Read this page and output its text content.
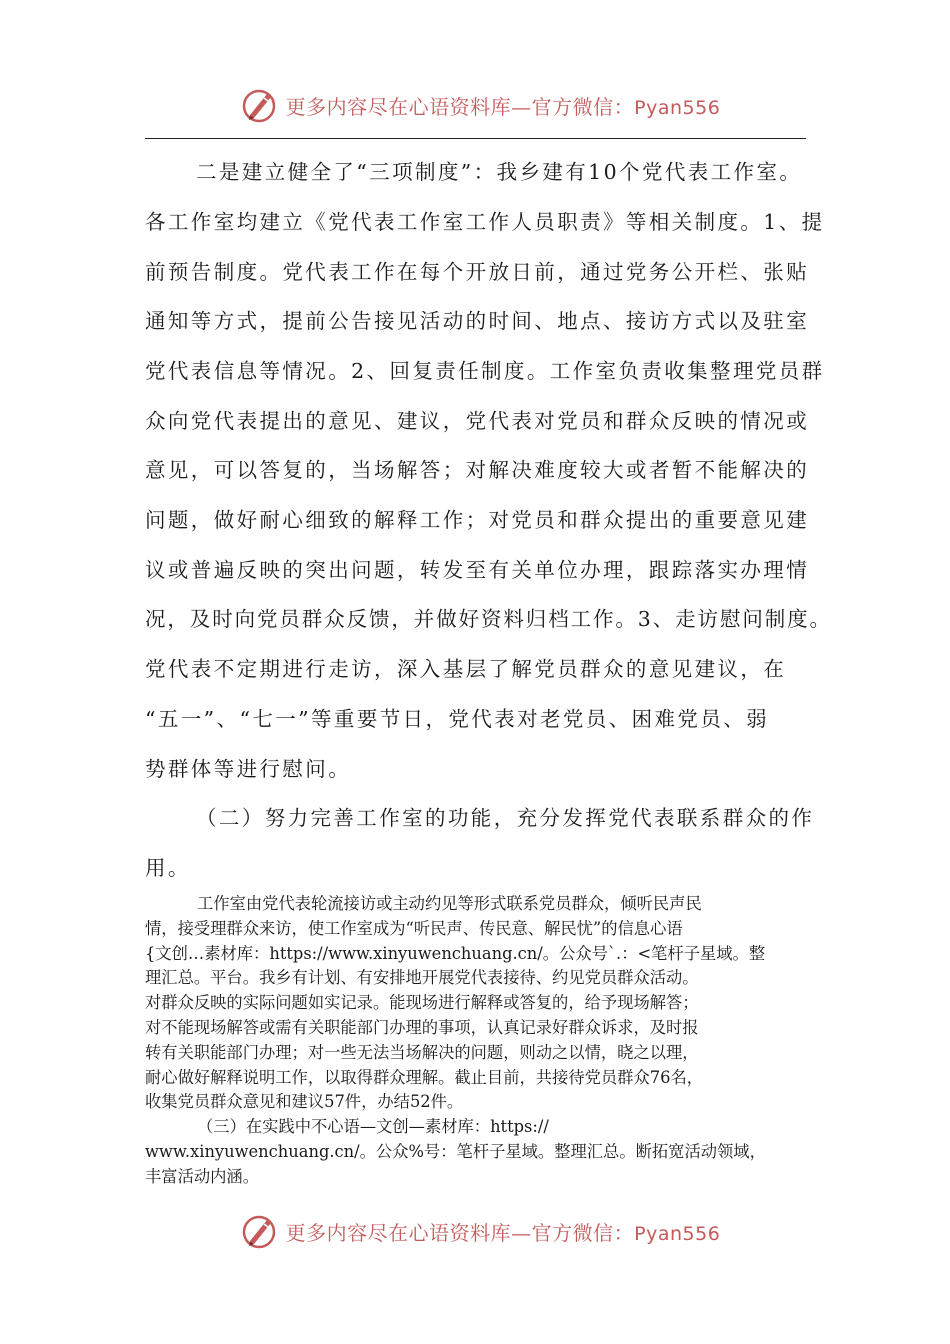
更多内容尽在心语资料库—官方微信：Pyan556
二是建立健全了“三项制度”：我乡建有10个党代表工作室。
各工作室均建立《党代表工作室工作人员职责》等相关制度。1、提
前预告制度。党代表工作在每个开放日前，通过党务公开栏、张贴
通知等方式，提前公告接见活动的时间、地点、接访方式以及驻室
党代表信息等情况。2、回复责任制度。工作室负责收集整理党员群
众向党代表提出的意见、建议，党代表对党员和群众反映的情况或
意见，可以答复的，当场解答；对解决难度较大或者暂不能解决的
问题，做好耐心细致的解释工作；对党员和群众提出的重要意见建
议或普遍反映的突出问题，转发至有关单位办理，跟踪落实办理情
况，及时向党员群众反馈，并做好资料归档工作。3、走访慰问制度。
党代表不定期进行走访，深入基层了解党员群众的意见建议，在
“五一”、“七一”等重要节日，党代表对老党员、困难党员、弱
势群体等进行慰问。
（二）努力完善工作室的功能，充分发挥党代表联系群众的作
用。
工作室由党代表轮流接访或主动约见等形式联系党员群众，倾听民声民
情，接受理群众来访，使工作室成为“听民声、传民意、解民忧”的信息心语
{文创…素材库：https://www.xinyuwenchuang.cn/。公众号`.：<笔杆子星域。整
理汇总。平台。我乡有计划、有安排地开展党代表接待、约见党员群众活动。
对群众反映的实际问题如实记录。能现场进行解释或答复的，给予现场解答；
对不能现场解答或需有关职能部门办理的事项，认真记录好群众诉求，及时报
转有关职能部门办理；对一些无法当场解决的问题，则动之以情，晓之以理，
耐心做好解释说明工作，以取得群众理解。截止目前，共接待党员群众76名，
收集党员群众意见和建议57件，办结52件。
（三）在实践中不心语—文创—素材库：https://
www.xinyuwenchuang.cn/。公众%号：笔杆子星域。整理汇总。断拓宽活动领域，
丰富活动内涵。
更多内容尽在心语资料库—官方微信：Pyan556
